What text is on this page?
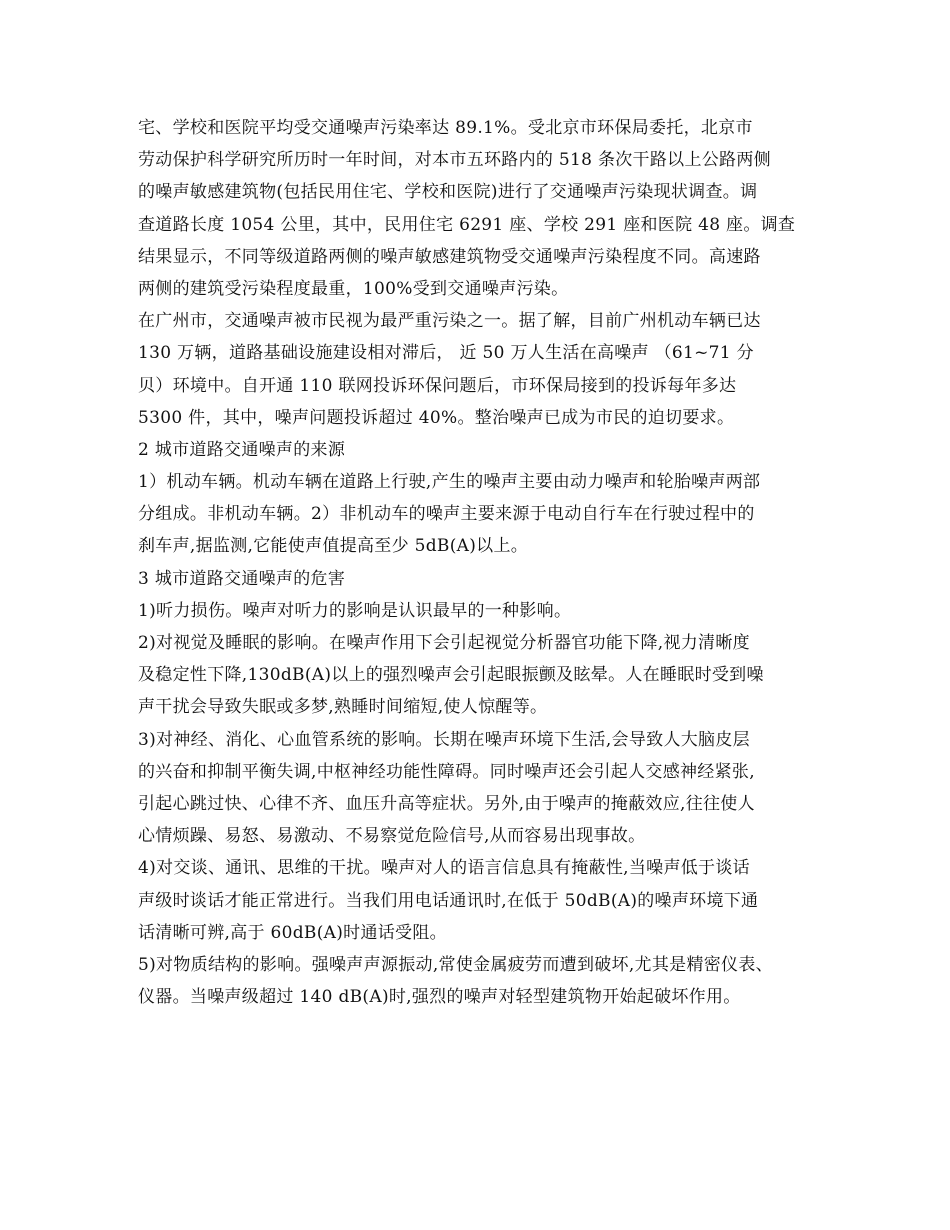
宅、学校和医院平均受交通噪声污染率达 89.1%。受北京市环保局委托，北京市
劳动保护科学研究所历时一年时间，对本市五环路内的 518 条次干路以上公路两侧
的噪声敏感建筑物(包括民用住宅、学校和医院)进行了交通噪声污染现状调查。调
查道路长度 1054 公里，其中，民用住宅 6291 座、学校 291 座和医院 48 座。调查
结果显示，不同等级道路两侧的噪声敏感建筑物受交通噪声污染程度不同。高速路
两侧的建筑受污染程度最重，100%受到交通噪声污染。
在广州市，交通噪声被市民视为最严重污染之一。据了解，目前广州机动车辆已达
130 万辆，道路基础设施建设相对滞后， 近 50 万人生活在高噪声 （61~71 分
贝）环境中。自开通 110 联网投诉环保问题后，市环保局接到的投诉每年多达
5300 件，其中，噪声问题投诉超过 40%。整治噪声已成为市民的迫切要求。
2 城市道路交通噪声的来源
1）机动车辆。机动车辆在道路上行驶,产生的噪声主要由动力噪声和轮胎噪声两部
分组成。非机动车辆。2）非机动车的噪声主要来源于电动自行车在行驶过程中的
刹车声,据监测,它能使声值提高至少 5dB(A)以上。
3 城市道路交通噪声的危害
1)听力损伤。噪声对听力的影响是认识最早的一种影响。
2)对视觉及睡眠的影响。在噪声作用下会引起视觉分析器官功能下降,视力清晰度
及稳定性下降,130dB(A)以上的强烈噪声会引起眼振颤及眩晕。人在睡眠时受到噪
声干扰会导致失眠或多梦,熟睡时间缩短,使人惊醒等。
3)对神经、消化、心血管系统的影响。长期在噪声环境下生活,会导致人大脑皮层
的兴奋和抑制平衡失调,中枢神经功能性障碍。同时噪声还会引起人交感神经紧张,
引起心跳过快、心律不齐、血压升高等症状。另外,由于噪声的掩蔽效应,往往使人
心情烦躁、易怒、易激动、不易察觉危险信号,从而容易出现事故。
4)对交谈、通讯、思维的干扰。噪声对人的语言信息具有掩蔽性,当噪声低于谈话
声级时谈话才能正常进行。当我们用电话通讯时,在低于 50dB(A)的噪声环境下通
话清晰可辨,高于 60dB(A)时通话受阻。
5)对物质结构的影响。强噪声声源振动,常使金属疲劳而遭到破坏,尤其是精密仪表、
仪器。当噪声级超过 140 dB(A)时,强烈的噪声对轻型建筑物开始起破坏作用。
